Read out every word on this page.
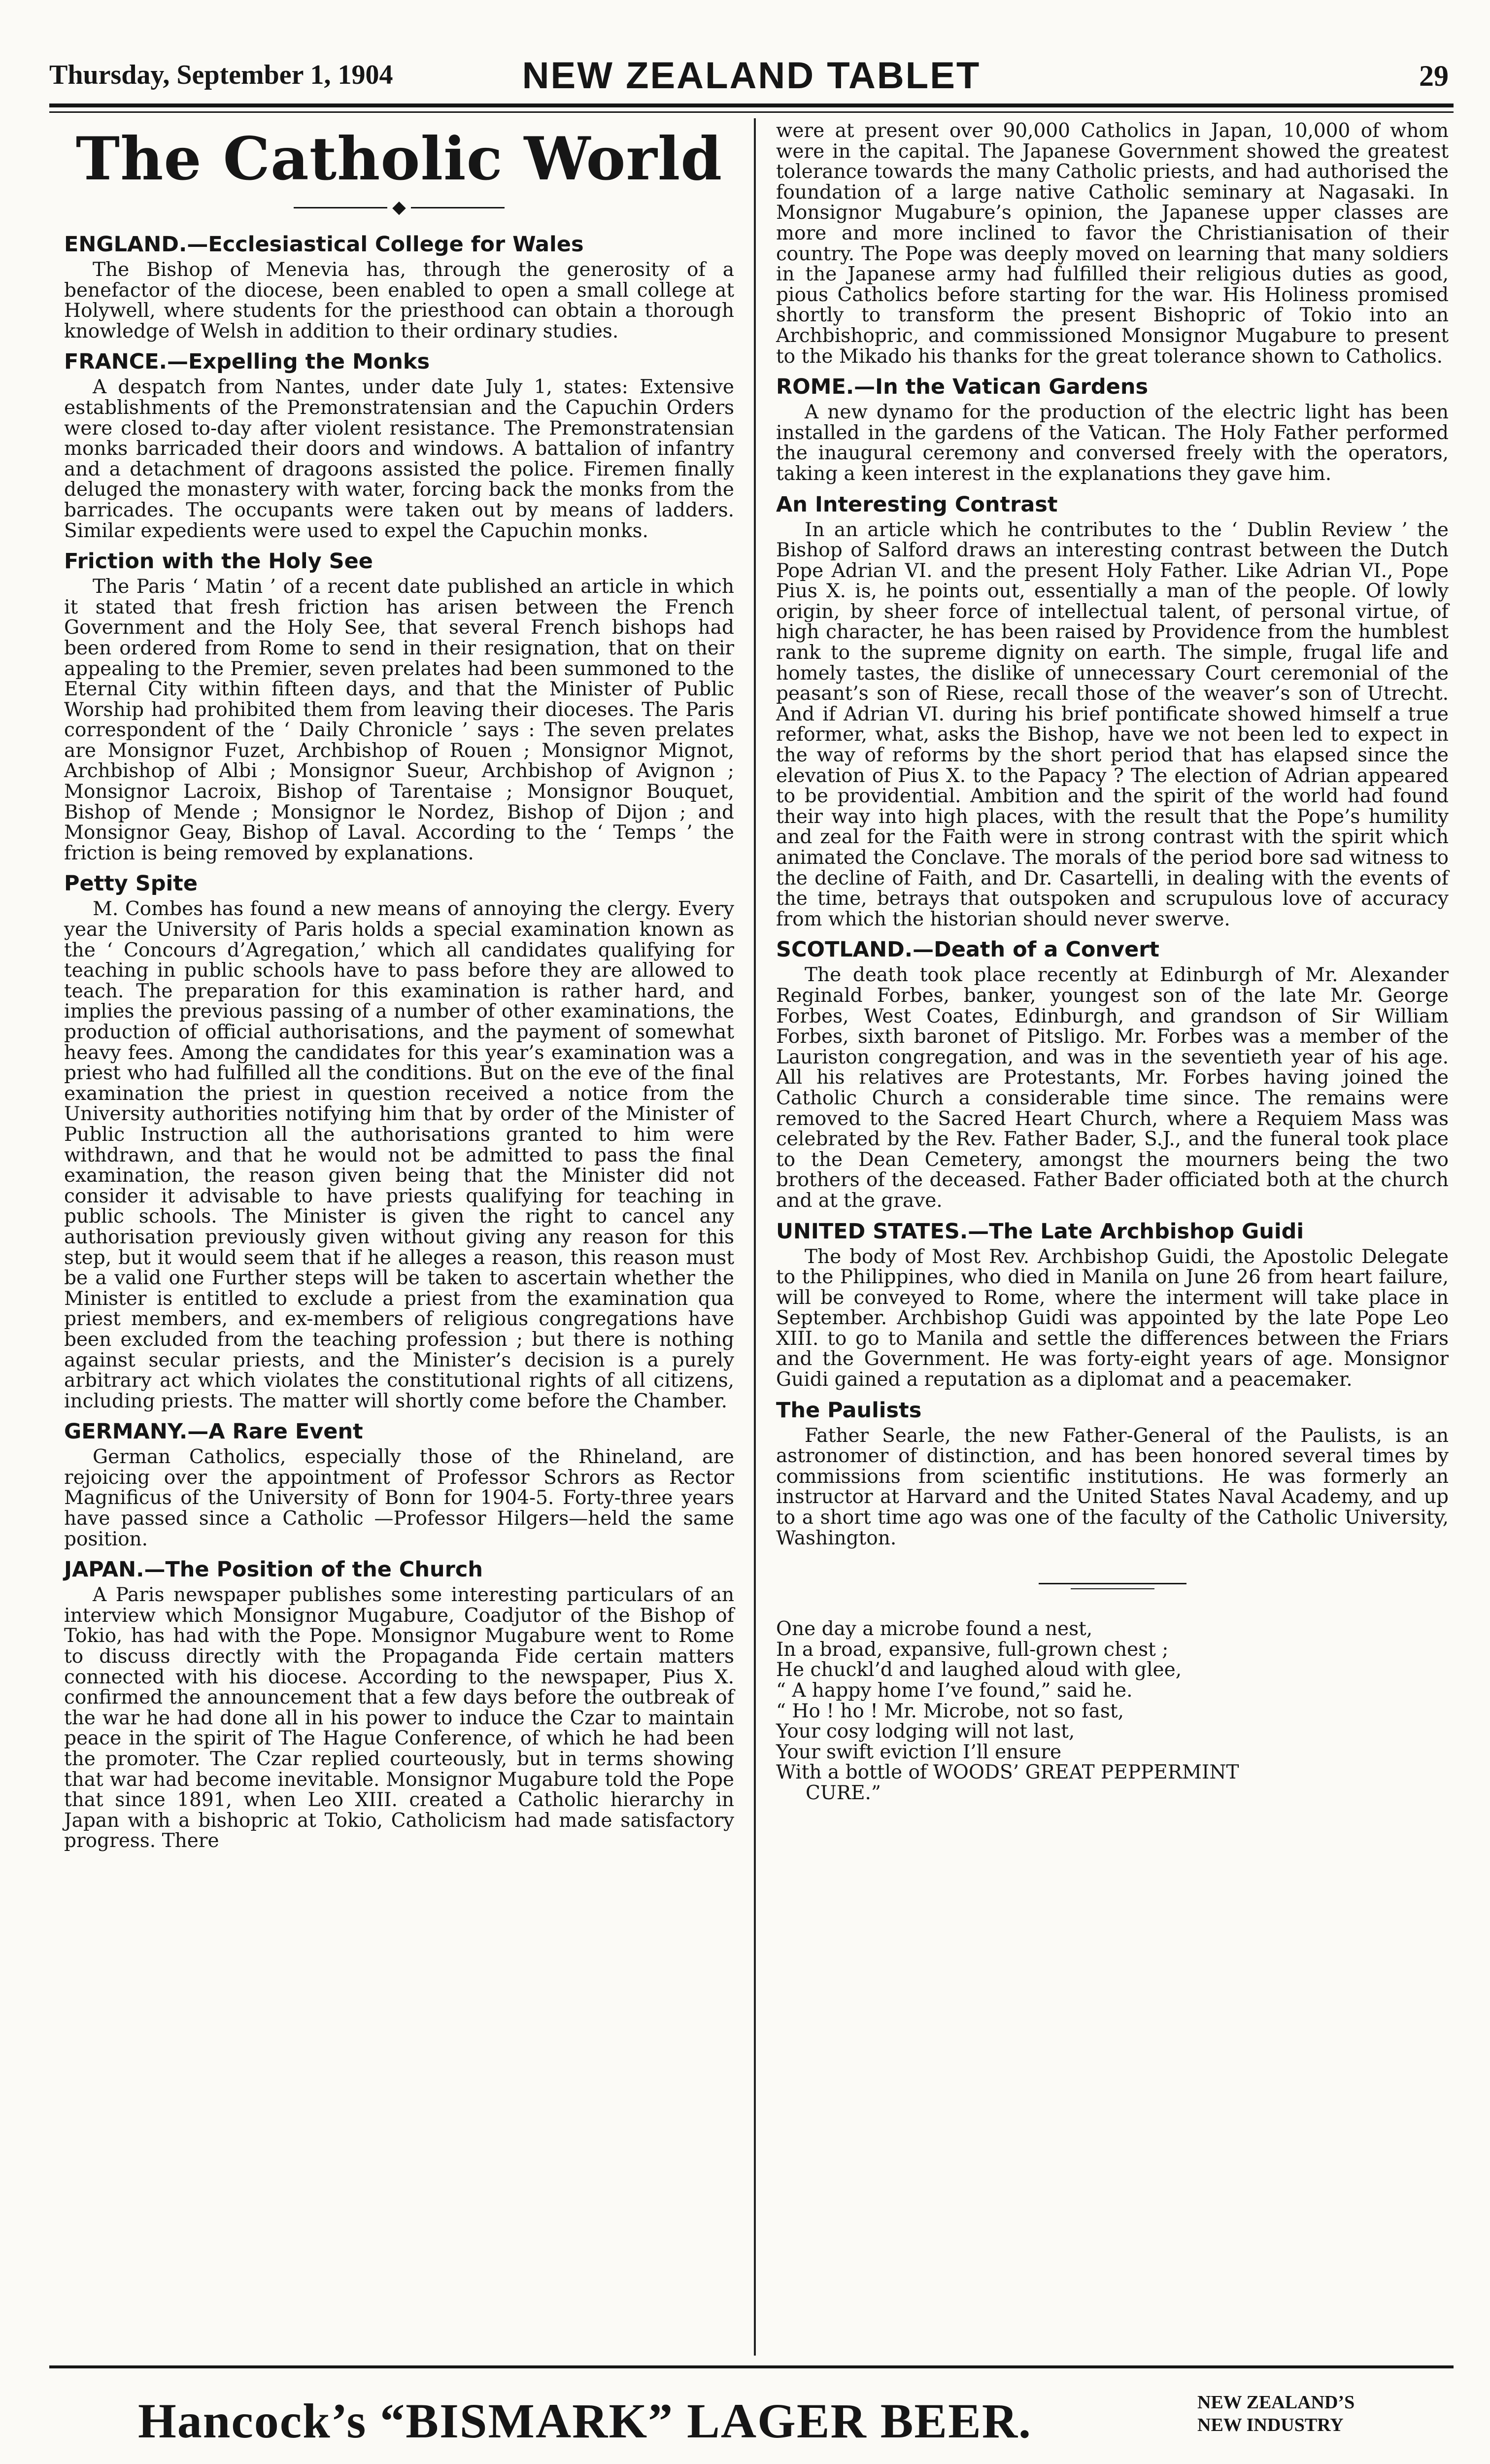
Thursday, September 1, 1904	NEW ZEALAND TABLET	29
The Catholic World
◆
ENGLAND.—Ecclesiastical College for Wales

The Bishop of Menevia has, through the generosity of a benefactor of the diocese, been enabled to open a small college at Holywell, where students for the priesthood can obtain a thorough knowledge of Welsh in addition to their ordinary studies.

FRANCE.—Expelling the Monks

A despatch from Nantes, under date July 1, states: Extensive establishments of the Premonstratensian and the Capuchin Orders were closed to-day after violent resistance. The Premonstratensian monks barricaded their doors and windows. A battalion of infantry and a detachment of dragoons assisted the police. Firemen finally deluged the monastery with water, forcing back the monks from the barricades. The occupants were taken out by means of ladders. Similar expedients were used to expel the Capuchin monks.

Friction with the Holy See

The Paris ‘ Matin ’ of a recent date published an article in which it stated that fresh friction has arisen between the French Government and the Holy See, that several French bishops had been ordered from Rome to send in their resignation, that on their appealing to the Premier, seven prelates had been summoned to the Eternal City within fifteen days, and that the Minister of Public Worship had prohibited them from leaving their dioceses. The Paris correspondent of the ‘ Daily Chronicle ’ says : The seven prelates are Monsignor Fuzet, Archbishop of Rouen ; Monsignor Mignot, Archbishop of Albi ; Monsignor Sueur, Archbishop of Avignon ; Monsignor Lacroix, Bishop of Tarentaise ; Monsignor Bouquet, Bishop of Mende ; Monsignor le Nordez, Bishop of Dijon ; and Monsignor Geay, Bishop of Laval. According to the ‘ Temps ’ the friction is being removed by explanations.

Petty Spite

M. Combes has found a new means of annoying the clergy. Every year the University of Paris holds a special examination known as the ‘ Concours d’Agregation,’ which all candidates qualifying for teaching in public schools have to pass before they are allowed to teach. The preparation for this examination is rather hard, and implies the previous passing of a number of other examinations, the production of official authorisations, and the payment of somewhat heavy fees. Among the candidates for this year’s examination was a priest who had fulfilled all the conditions. But on the eve of the final examination the priest in question received a notice from the University authorities notifying him that by order of the Minister of Public Instruction all the authorisations granted to him were withdrawn, and that he would not be admitted to pass the final examination, the reason given being that the Minister did not consider it advisable to have priests qualifying for teaching in public schools. The Minister is given the right to cancel any authorisation previously given without giving any reason for this step, but it would seem that if he alleges a reason, this reason must be a valid one Further steps will be taken to ascertain whether the Minister is entitled to exclude a priest from the examination qua priest members, and ex-members of religious congregations have been excluded from the teaching profession ; but there is nothing against secular priests, and the Minister’s decision is a purely arbitrary act which violates the constitutional rights of all citizens, including priests. The matter will shortly come before the Chamber.

GERMANY.—A Rare Event

German Catholics, especially those of the Rhineland, are rejoicing over the appointment of Professor Schrors as Rector Magnificus of the University of Bonn for 1904-5. Forty-three years have passed since a Catholic —Professor Hilgers—held the same position.

JAPAN.—The Position of the Church

A Paris newspaper publishes some interesting particulars of an interview which Monsignor Mugabure, Coadjutor of the Bishop of Tokio, has had with the Pope. Monsignor Mugabure went to Rome to discuss directly with the Propaganda Fide certain matters connected with his diocese. According to the newspaper, Pius X. confirmed the announcement that a few days before the outbreak of the war he had done all in his power to induce the Czar to maintain peace in the spirit of The Hague Conference, of which he had been the promoter. The Czar replied courteously, but in terms showing that war had become inevitable. Monsignor Mugabure told the Pope that since 1891, when Leo XIII. created a Catholic hierarchy in Japan with a bishopric at Tokio, Catholicism had made satisfactory progress. There

were at present over 90,000 Catholics in Japan, 10,000 of whom were in the capital. The Japanese Government showed the greatest tolerance towards the many Catholic priests, and had authorised the foundation of a large native Catholic seminary at Nagasaki. In Monsignor Mugabure’s opinion, the Japanese upper classes are more and more inclined to favor the Christianisation of their country. The Pope was deeply moved on learning that many soldiers in the Japanese army had fulfilled their religious duties as good, pious Catholics before starting for the war. His Holiness promised shortly to transform the present Bishopric of Tokio into an Archbishopric, and commissioned Monsignor Mugabure to present to the Mikado his thanks for the great tolerance shown to Catholics.

ROME.—In the Vatican Gardens

A new dynamo for the production of the electric light has been installed in the gardens of the Vatican. The Holy Father performed the inaugural ceremony and conversed freely with the operators, taking a keen interest in the explanations they gave him.

An Interesting Contrast

In an article which he contributes to the ‘ Dublin Review ’ the Bishop of Salford draws an interesting contrast between the Dutch Pope Adrian VI. and the present Holy Father. Like Adrian VI., Pope Pius X. is, he points out, essentially a man of the people. Of lowly origin, by sheer force of intellectual talent, of personal virtue, of high character, he has been raised by Providence from the humblest rank to the supreme dignity on earth. The simple, frugal life and homely tastes, the dislike of unnecessary Court ceremonial of the peasant’s son of Riese, recall those of the weaver’s son of Utrecht. And if Adrian VI. during his brief pontificate showed himself a true reformer, what, asks the Bishop, have we not been led to expect in the way of reforms by the short period that has elapsed since the elevation of Pius X. to the Papacy ? The election of Adrian appeared to be providential. Ambition and the spirit of the world had found their way into high places, with the result that the Pope’s humility and zeal for the Faith were in strong contrast with the spirit which animated the Conclave. The morals of the period bore sad witness to the decline of Faith, and Dr. Casartelli, in dealing with the events of the time, betrays that outspoken and scrupulous love of accuracy from which the historian should never swerve.

SCOTLAND.—Death of a Convert

The death took place recently at Edinburgh of Mr. Alexander Reginald Forbes, banker, youngest son of the late Mr. George Forbes, West Coates, Edinburgh, and grandson of Sir William Forbes, sixth baronet of Pitsligo. Mr. Forbes was a member of the Lauriston congregation, and was in the seventieth year of his age. All his relatives are Protestants, Mr. Forbes having joined the Catholic Church a considerable time since. The remains were removed to the Sacred Heart Church, where a Requiem Mass was celebrated by the Rev. Father Bader, S.J., and the funeral took place to the Dean Cemetery, amongst the mourners being the two brothers of the deceased. Father Bader officiated both at the church and at the grave.

UNITED STATES.—The Late Archbishop Guidi

The body of Most Rev. Archbishop Guidi, the Apostolic Delegate to the Philippines, who died in Manila on June 26 from heart failure, will be conveyed to Rome, where the interment will take place in September. Archbishop Guidi was appointed by the late Pope Leo XIII. to go to Manila and settle the differences between the Friars and the Government. He was forty-eight years of age. Monsignor Guidi gained a reputation as a diplomat and a peacemaker.

The Paulists

Father Searle, the new Father-General of the Paulists, is an astronomer of distinction, and has been honored several times by commissions from scientific institutions. He was formerly an instructor at Harvard and the United States Naval Academy, and up to a short time ago was one of the faculty of the Catholic University, Washington.

One day a microbe found a nest,

In a broad, expansive, full-grown chest ;

He chuckl’d and laughed aloud with glee,

“ A happy home I’ve found,” said he.

“ Ho ! ho ! Mr. Microbe, not so fast,

Your cosy lodging will not last,

Your swift eviction I’ll ensure

With a bottle of WOODS’ GREAT PEPPERMINT

CURE.”

Hancock’s “BISMARK” LAGER BEER.	NEW ZEALAND’S
NEW INDUSTRY
